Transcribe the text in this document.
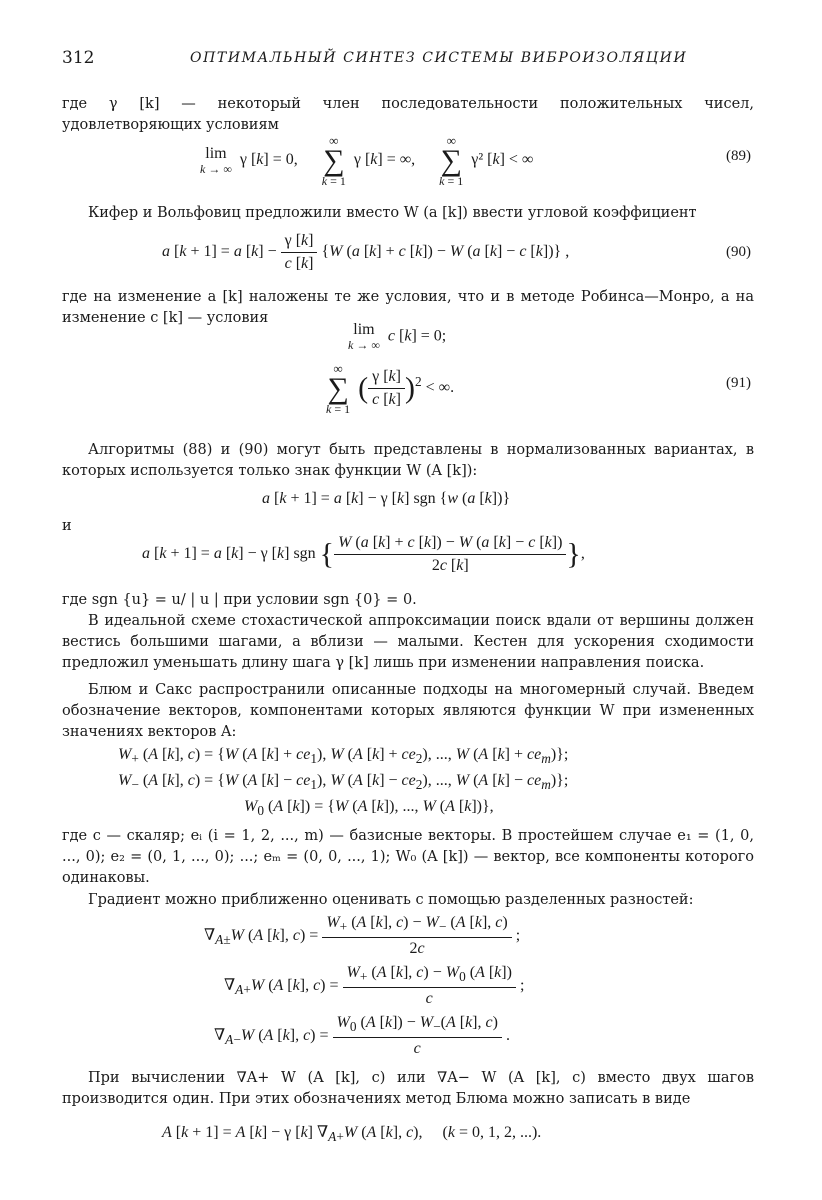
312	ОПТИМАЛЬНЫЙ СИНТЕЗ СИСТЕМЫ ВИБРОИЗОЛЯЦИИ
где γ [k] — некоторый член последовательности положительных чисел, удовлетворяющих условиям
lim
k → ∞
γ [k] = 0,
∞
∑
k = 1
γ [k] = ∞,
∞
∑
k = 1
γ² [k] < ∞	(89)
Кифер и Вольфовиц предложили вместо W (a [k]) ввести угловой коэффициент
a [k + 1] = a $[k] - \frac{\gamma [k]}{c [k]} \{W$ (a [k] + c [k]) − W (a [k] − c [k])} ,	(90)
где на изменение a [k] наложены те же условия, что и в методе Робинса—Монро, а на изменение c [k] — условия
lim
k → ∞
c [k] = 0;
∞
∑
k = 1
( $\frac{\gamma [k]}{c [k]} )^2$ < ∞.	(91)
Алгоритмы (88) и (90) могут быть представлены в нормализованных вариантах, в которых используется только знак функции W (A [k]):
a [k + 1] = a [k] − γ [k] sgn {w (a [k])}
и
a [k + 1] = a [k] − γ [k] sgn { $\frac{W (a [k] + c [k]) - W (a [k] - c [k])}{2c [k]}$ },
где sgn {u} = u/ | u | при условии sgn {0} = 0.
В идеальной схеме стохастической аппроксимации поиск вдали от вершины должен вестись большими шагами, а вблизи — малыми. Кестен для ускорения сходимости предложил уменьшать длину шага γ [k] лишь при изменении направления поиска.
Блюм и Сакс распространили описанные подходы на многомерный случай. Введем обозначение векторов, компонентами которых являются функции W при измененных значениях векторов A:
$W_+$ (A [k], c) = {W (A $[k] + ce_1$), W (A $[k] + ce_2$), ..., W (A $[k] + ce_m$)};
$W_-$ (A [k], c) = {W (A $[k] - ce_1$), W (A $[k] - ce_2$), ..., W (A $[k] - ce_m$)};
$W_0$ (A [k]) = {W (A [k]), ..., W (A [k])},
где c — скаляр; eᵢ (i = 1, 2, ..., m) — базисные векторы. В простейшем случае e₁ = (1, 0, ..., 0); e₂ = (0, 1, ..., 0); ...; eₘ = (0, 0, ..., 1); W₀ (A [k]) — вектор, все компоненты которого одинаковы.
Градиент можно приближенно оценивать с помощью разделенных разностей:
$\nabla_{A\pm}W$ (A [k], $c) = \frac{W_+ (A [k], c) - W_- (A [k], c)}{2c}$ ;
$\nabla_{A+}W$ (A [k], $c) = \frac{W_+ (A [k], c) - W_0 (A [k])}{c}$ ;
$\nabla_{A-}W$ (A [k], $c) = \frac{W_0 (A [k]) - W_-(A [k], c)}{c}$ .
При вычислении ∇A+ W (A [k], c) или ∇A− W (A [k], c) вместо двух шагов производится один. При этих обозначениях метод Блюма можно записать в виде
A [k + 1] = A [k] − γ [k] $\nabla_{A+}W$ (A [k], c),     (k = 0, 1, 2, ...).
